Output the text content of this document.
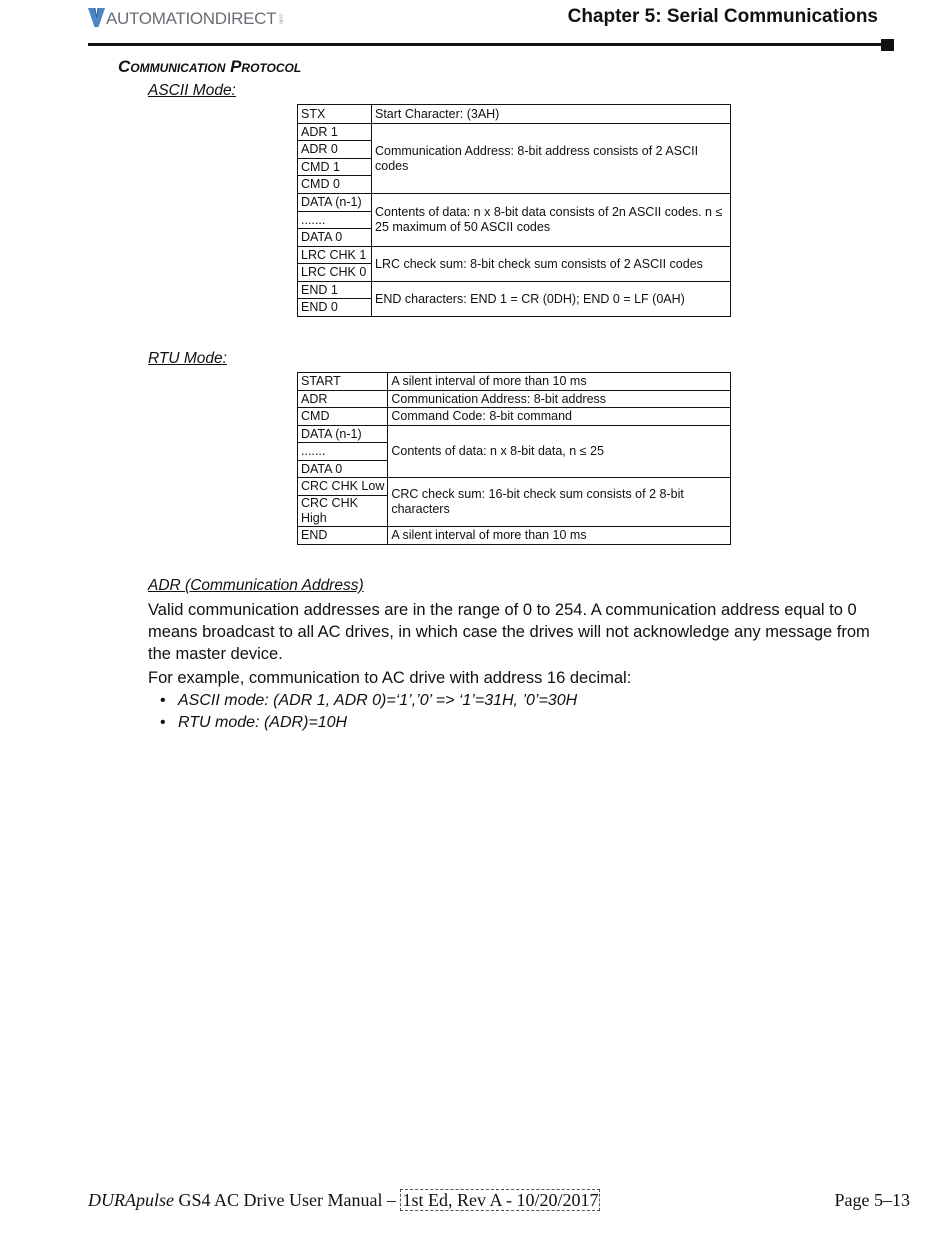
AUTOMATIONDIRECT .com	Chapter 5: Serial Communications
Communication Protocol
ASCII Mode:
STX	Start Character: (3AH)
ADR 1	Communication Address: 8-bit address consists of 2 ASCII codes
ADR 0	
CMD 1	
CMD 0	
DATA (n-1)	Contents of data: n x 8-bit data consists of 2n ASCII codes. n ≤ 25 maximum of 50 ASCII codes
.......	
DATA 0	
LRC CHK 1	LRC check sum: 8-bit check sum consists of 2 ASCII codes
LRC CHK 0	
END 1	END characters: END 1 = CR (0DH); END 0 = LF (0AH)
END 0	
RTU Mode:
START	A silent interval of more than 10 ms
ADR	Communication Address: 8-bit address
CMD	Command Code: 8-bit command
DATA (n-1)	Contents of data: n x 8-bit data, n ≤ 25
.......	
DATA 0	
CRC CHK Low	CRC check sum: 16-bit check sum consists of 2 8-bit characters
CRC CHK High	
END	A silent interval of more than 10 ms
ADR (Communication Address)
Valid communication addresses are in the range of 0 to 254. A communication address equal to 0 means broadcast to all AC drives, in which case the drives will not acknowledge any message from the master device.
For example, communication to AC drive with address 16 decimal:
• ASCII mode: (ADR 1, ADR 0)=‘1’,’0’ => ‘1’=31H, ’0’=30H
• RTU mode: (ADR)=10H
DURApulse GS4 AC Drive User Manual – 1st Ed, Rev A - 10/20/2017	Page 5–13
